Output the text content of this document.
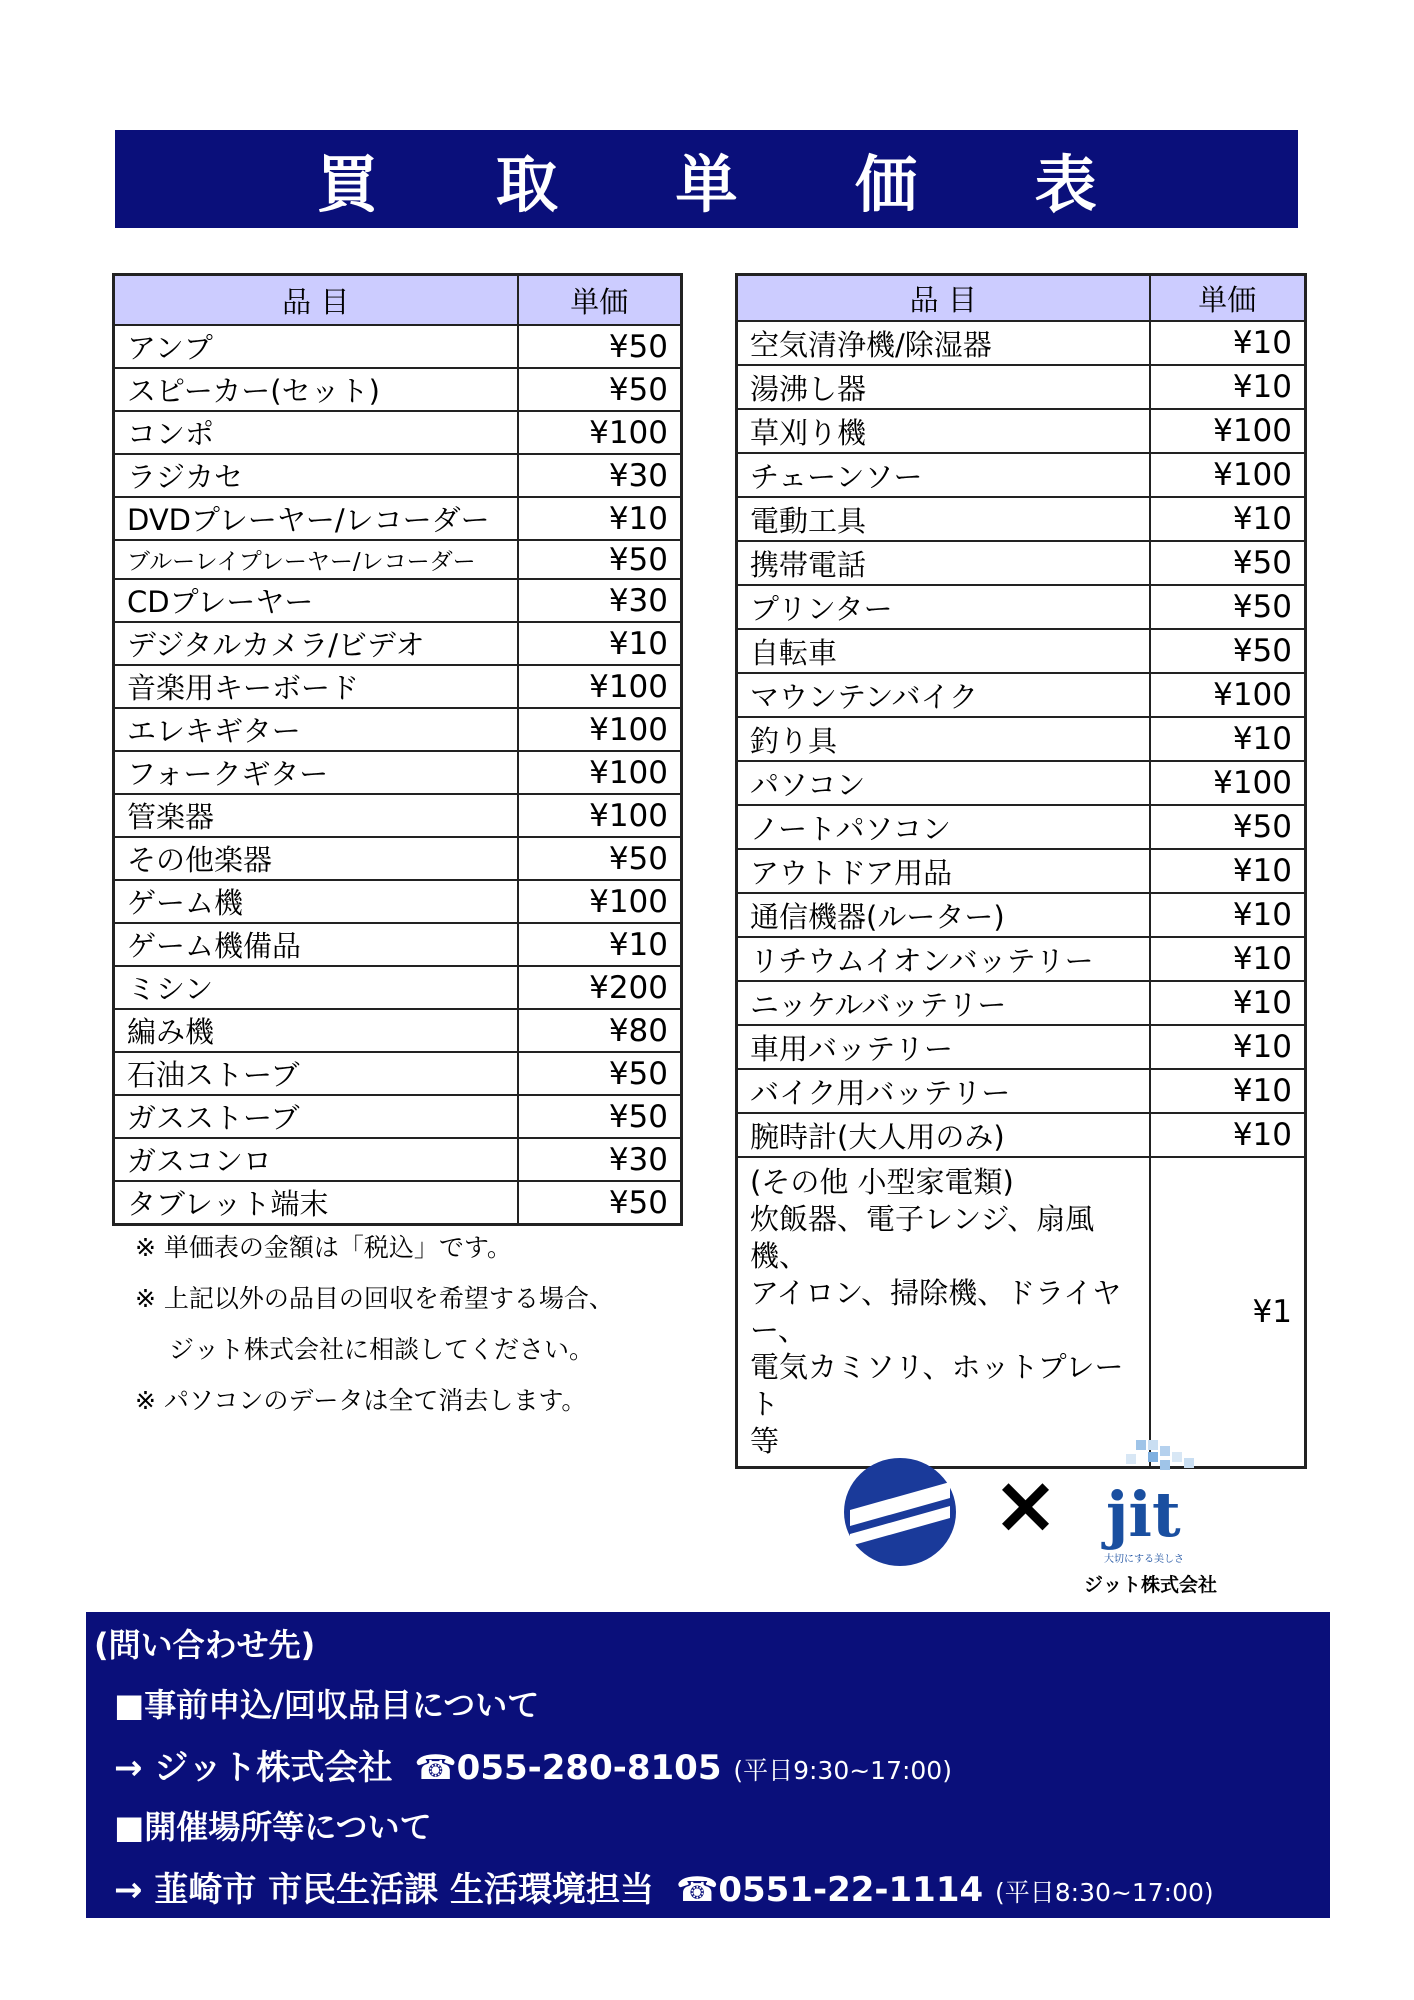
買 取 単 価 表
品 目	単価
アンプ	¥50
スピーカー(セット)	¥50
コンポ	¥100
ラジカセ	¥30
DVDプレーヤー/レコーダー	¥10
ブルーレイプレーヤー/レコーダー	¥50
CDプレーヤー	¥30
デジタルカメラ/ビデオ	¥10
音楽用キーボード	¥100
エレキギター	¥100
フォークギター	¥100
管楽器	¥100
その他楽器	¥50
ゲーム機	¥100
ゲーム機備品	¥10
ミシン	¥200
編み機	¥80
石油ストーブ	¥50
ガスストーブ	¥50
ガスコンロ	¥30
タブレット端末	¥50
品 目	単価
空気清浄機/除湿器	¥10
湯沸し器	¥10
草刈り機	¥100
チェーンソー	¥100
電動工具	¥10
携帯電話	¥50
プリンター	¥50
自転車	¥50
マウンテンバイク	¥100
釣り具	¥10
パソコン	¥100
ノートパソコン	¥50
アウトドア用品	¥10
通信機器(ルーター)	¥10
リチウムイオンバッテリー	¥10
ニッケルバッテリー	¥10
車用バッテリー	¥10
バイク用バッテリー	¥10
腕時計(大人用のみ)	¥10

(その他 小型家電類)
炊飯器、電子レンジ、扇風機、
アイロン、掃除機、ドライヤー、
電気カミソリ、ホットプレート
等	¥1
※ 単価表の金額は「税込」です。
※ 上記以外の品目の回収を希望する場合、
ジット株式会社に相談してください。
※ パソコンのデータは全て消去します。
× jit
大切にする美しさ
ジット株式会社
(問い合わせ先)
■事前申込/回収品目について
→ ジット株式会社 ☎055-280-8105 (平日9:30~17:00)
■開催場所等について
→ 韮崎市 市民生活課 生活環境担当 ☎0551-22-1114 (平日8:30~17:00)
